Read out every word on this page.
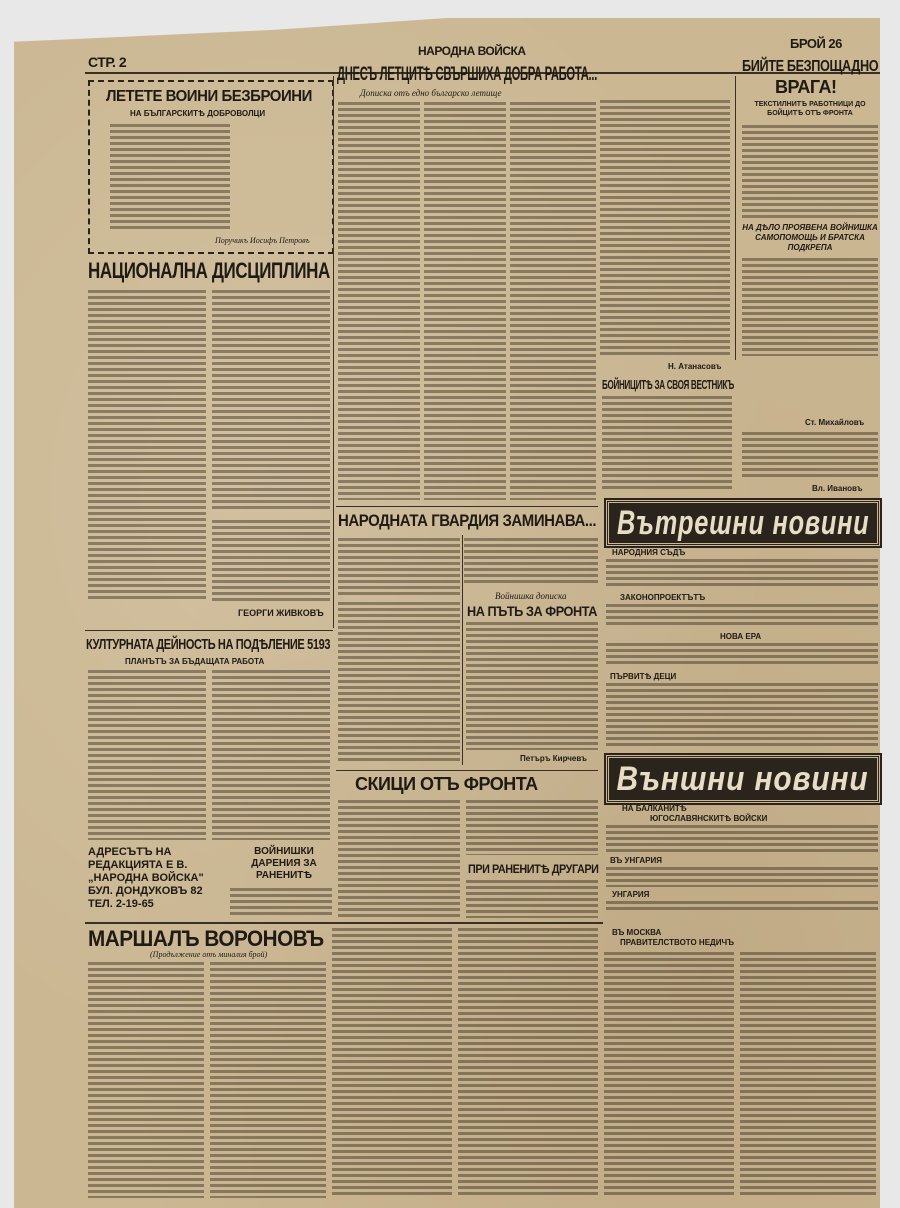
СТР. 2
НАРОДНА ВОЙСКА	БРОЙ 26
ЛЕТЕТЕ ВОИНИ БЕЗБРОИНИ
НА БЪЛГАРСКИТѢ ДОБРОВОЛЦИ
Поручикъ Иосифъ Петровъ
НАЦИОНАЛНА ДИСЦИПЛИНА
ГЕОРГИ ЖИВКОВЪ
ДНЕСЪ ЛЕТЦИТѢ СВЪРШИХА ДОБРА РАБОТА...
Дописка отъ едно българско летище
БИЙТЕ БЕЗПОЩАДНО
ВРАГА!
ТЕКСТИЛНИТѢ РАБОТНИЦИ ДО БОЙЦИТѢ ОТЪ ФРОНТА
НА ДѢЛО ПРОЯВЕНА ВОЙНИШКА САМОПОМОЩЬ И БРАТСКА ПОДКРЕПА
Ст. Михайловъ
Вл. Ивановъ
Н. Атанасовъ
БОЙНИЦИТѢ ЗА СВОЯ ВЕСТНИКЪ
НАРОДНАТА ГВАРДИЯ ЗАМИНАВА... Вътрешни новини
НАРОДНИЯ СЪДЪ
ЗАКОНОПРОЕКТЪТЪ
НОВА ЕРА
ПЪРВИТѢ ДЕЦИ
КУЛТУРНАТА ДЕЙНОСТЬ НА ПОДѢЛЕНИЕ 5193
ПЛАНЪТЪ ЗА БЪДАЩАТА РАБОТА
Войнишка дописка
НА ПЪТЬ ЗА ФРОНТА
Петъръ Кирчевъ
СКИЦИ ОТЪ ФРОНТА
ПРИ РАНЕНИТѢ ДРУГАРИ
Външни новини
НА БАЛКАНИТѢ
ЮГОСЛАВЯНСКИТѢ ВОЙСКИ
ВЪ УНГАРИЯ
УНГАРИЯ
ВЪ МОСКВА
ПРАВИТЕЛСТВОТО НЕДИЧЪ
ВОЙНИШКИ ДАРЕНИЯ ЗА РАНЕНИТѢ
АДРЕСЪТЪ НА РЕДАКЦИЯТА Е В. „НАРОДНА ВОЙСКА" БУЛ. ДОНДУКОВЪ 82 ТЕЛ. 2-19-65
МАРШАЛЪ ВОРОНОВЪ
(Продължение отъ миналия брой)
